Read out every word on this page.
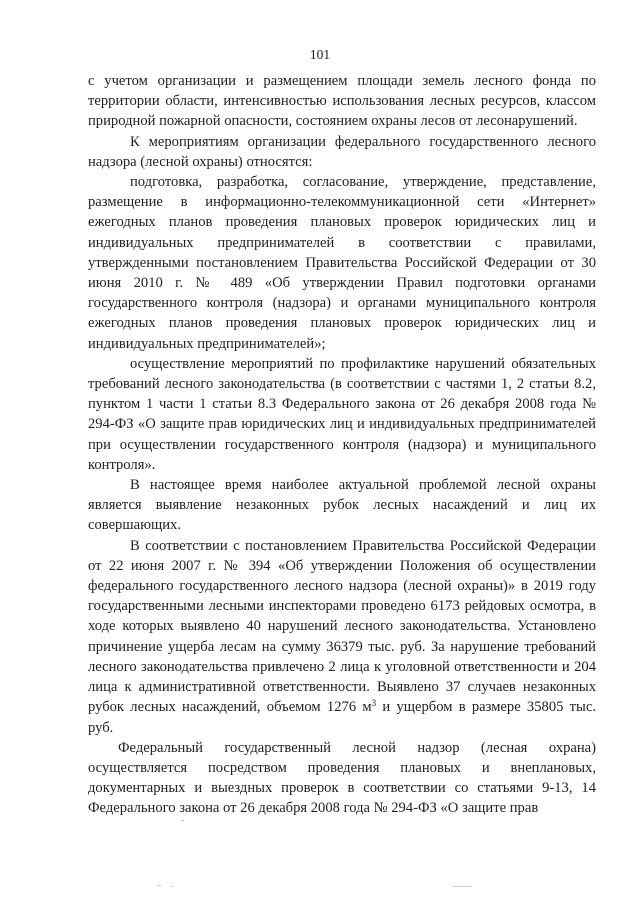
101

с учетом организации и размещением площади земель лесного фонда по территории области, интенсивностью использования лесных ресурсов, классом природной пожарной опасности, состоянием охраны лесов от лесонарушений.

К мероприятиям организации федерального государственного лесного надзора (лесной охраны) относятся:

подготовка, разработка, согласование, утверждение, представление, размещение в информационно-телекоммуникационной сети «Интернет» ежегодных планов проведения плановых проверок юридических лиц и индивидуальных предпринимателей в соответствии с правилами, утвержденными постановлением Правительства Российской Федерации от 30 июня 2010 г. № 489 «Об утверждении Правил подготовки органами государственного контроля (надзора) и органами муниципального контроля ежегодных планов проведения плановых проверок юридических лиц и индивидуальных предпринимателей»;

осуществление мероприятий по профилактике нарушений обязательных требований лесного законодательства (в соответствии с частями 1, 2 статьи 8.2, пунктом 1 части 1 статьи 8.3 Федерального закона от 26 декабря 2008 года № 294-ФЗ «О защите прав юридических лиц и индивидуальных предпринимателей при осуществлении государственного контроля (надзора) и муниципального контроля».

В настоящее время наиболее актуальной проблемой лесной охраны является выявление незаконных рубок лесных насаждений и лиц их совершающих.

В соответствии с постановлением Правительства Российской Федерации от 22 июня 2007 г. № 394 «Об утверждении Положения об осуществлении федерального государственного лесного надзора (лесной охраны)» в 2019 году государственными лесными инспекторами проведено 6173 рейдовых осмотра, в ходе которых выявлено 40 нарушений лесного законодательства. Установлено причинение ущерба лесам на сумму 36379 тыс. руб. За нарушение требований лесного законодательства привлечено 2 лица к уголовной ответственности и 204 лица к административной ответственности. Выявлено 37 случаев незаконных рубок лесных насаждений, объемом 1276 $м^3$ и ущербом в размере 35805 тыс. руб.

Федеральный государственный лесной надзор (лесная охрана) осуществляется посредством проведения плановых и внеплановых, документарных и выездных проверок в соответствии со статьями 9-13, 14 Федерального закона от 26 декабря 2008 года № 294-ФЗ «О защите прав
